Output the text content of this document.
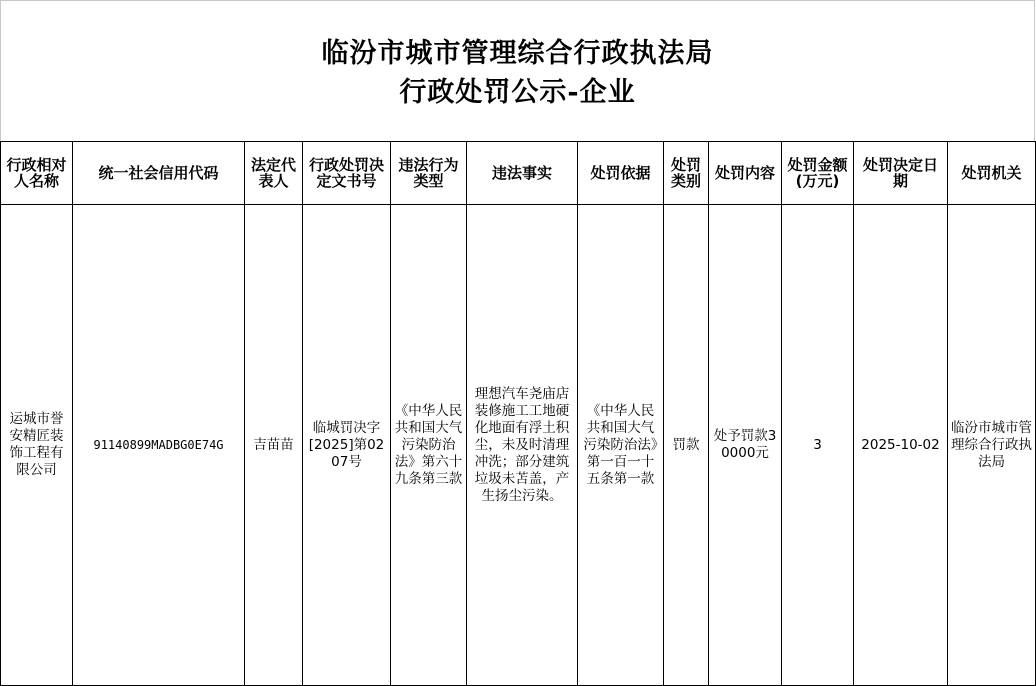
临汾市城市管理综合行政执法局
行政处罚公示-企业
行政相对人名称	统一社会信用代码	法定代表人	行政处罚决定文书号	违法行为类型	违法事实	处罚依据	处罚类别	处罚内容	处罚金额(万元)	处罚决定日期	处罚机关
运城市誉安精匠装饰工程有限公司	91140899MADBG0E74G	吉苗苗	临城罚决字[2025]第0207号	《中华人民共和国大气污染防治法》第六十九条第三款	理想汽车尧庙店装修施工工地硬化地面有浮土积尘，未及时清理冲洗；部分建筑垃圾未苫盖，产生扬尘污染。	《中华人民共和国大气污染防治法》第一百一十五条第一款	罚款	处予罚款30000元	3	2025-10-02	临汾市城市管理综合行政执法局
